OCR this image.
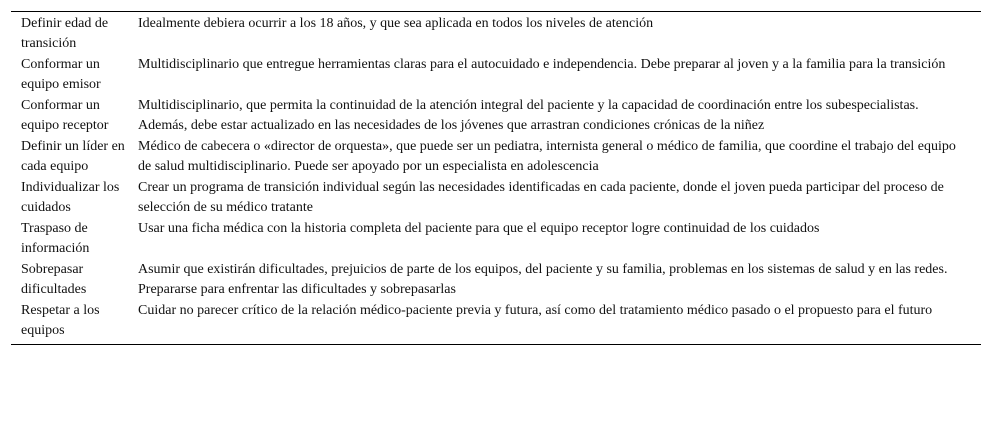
Definir edad de transición	Idealmente debiera ocurrir a los 18 años, y que sea aplicada en todos los niveles de atención
Conformar un equipo emisor	Multidisciplinario que entregue herramientas claras para el autocuidado e independencia. Debe preparar al joven y a la familia para la transición
Conformar un equipo receptor	Multidisciplinario, que permita la continuidad de la atención integral del paciente y la capacidad de coordinación entre los subespecialistas. Además, debe estar actualizado en las necesidades de los jóvenes que arrastran condiciones crónicas de la niñez
Definir un líder en cada equipo	Médico de cabecera o «director de orquesta», que puede ser un pediatra, internista general o médico de familia, que coordine el trabajo del equipo de salud multidisciplinario. Puede ser apoyado por un especialista en adolescencia
Individualizar los cuidados	Crear un programa de transición individual según las necesidades identificadas en cada paciente, donde el joven pueda participar del proceso de selección de su médico tratante
Traspaso de información	Usar una ficha médica con la historia completa del paciente para que el equipo receptor logre continuidad de los cuidados
Sobrepasar dificultades	Asumir que existirán dificultades, prejuicios de parte de los equipos, del paciente y su familia, problemas en los sistemas de salud y en las redes. Prepararse para enfrentar las dificultades y sobrepasarlas
Respetar a los equipos	Cuidar no parecer crítico de la relación médico-paciente previa y futura, así como del tratamiento médico pasado o el propuesto para el futuro
